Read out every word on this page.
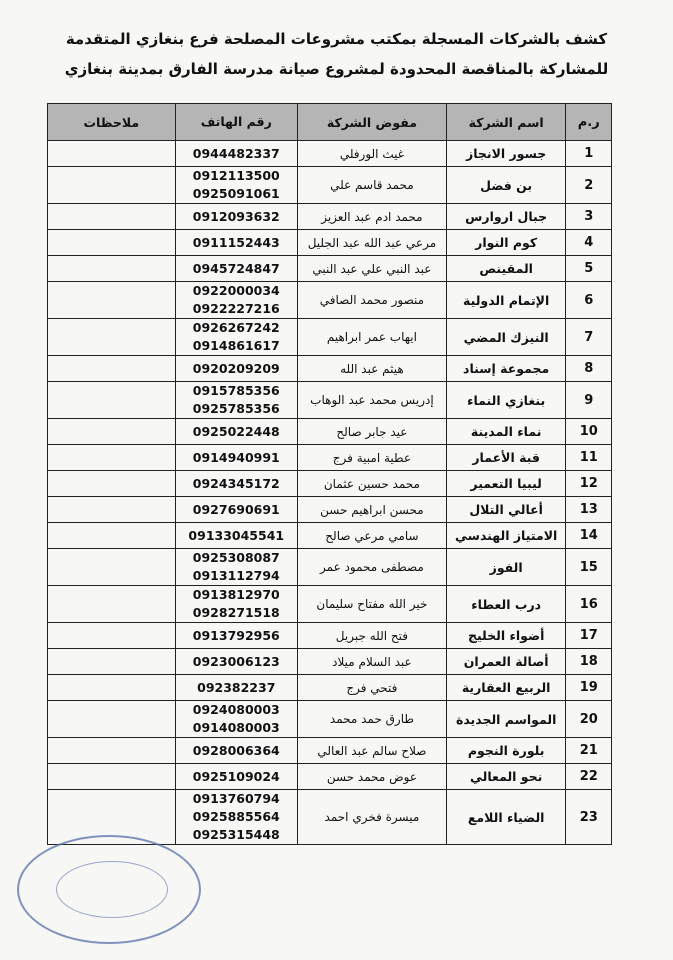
كشف بالشركات المسجلة بمكتب مشروعات المصلحة فرع بنغازي المتقدمة
للمشاركة بالمناقصة المحدودة لمشروع صيانة مدرسة الفارق بمدينة بنغازي
ر.م	اسم الشركة	مفوض الشركة	رقم الهاتف	ملاحظات
1	جسور الانجاز	غيث الورفلي	0944482337	

2	بن فضل	محمد قاسم علي	0912113500
0925091061	

3	جبال اروارس	محمد ادم عبد العزيز	0912093632	

4	كوم النوار	مرعي عبد الله عبد الجليل	0911152443	

5	المقينص	عبد النبي علي عبد النبي	0945724847	

6	الإتمام الدولية	منصور محمد الصافي	0922000034
0922227216	

7	النيزك المضي	ايهاب عمر ابراهيم	0926267242
0914861617	

8	مجموعة إسناد	هيثم عبد الله	0920209209	

9	بنغازي النماء	إدريس محمد عبد الوهاب	0915785356
0925785356	

10	نماء المدينة	عيد جابر صالح	0925022448	

11	قبة الأعمار	عطية امبية فرج	0914940991	

12	ليبيا التعمير	محمد حسين عثمان	0924345172	

13	أعالي التلال	محسن ابراهيم حسن	0927690691	

14	الامتياز الهندسي	سامي مرعي صالح	09133045541	

15	الفوز	مصطفى محمود عمر	0925308087
0913112794	

16	درب العطاء	خير الله مفتاح سليمان	0913812970
0928271518	

17	أضواء الخليج	فتح الله جبريل	0913792956	

18	أصالة العمران	عبد السلام ميلاد	0923006123	

19	الربيع العقارية	فتحي فرج	092382237	

20	المواسم الجديدة	طارق حمد محمد	0924080003
0914080003	

21	بلورة النجوم	صلاح سالم عبد العالي	0928006364	

22	نحو المعالي	عوض محمد حسن	0925109024	

23	الضياء اللامع	ميسرة فخري احمد	0913760794
0925885564
0925315448	
